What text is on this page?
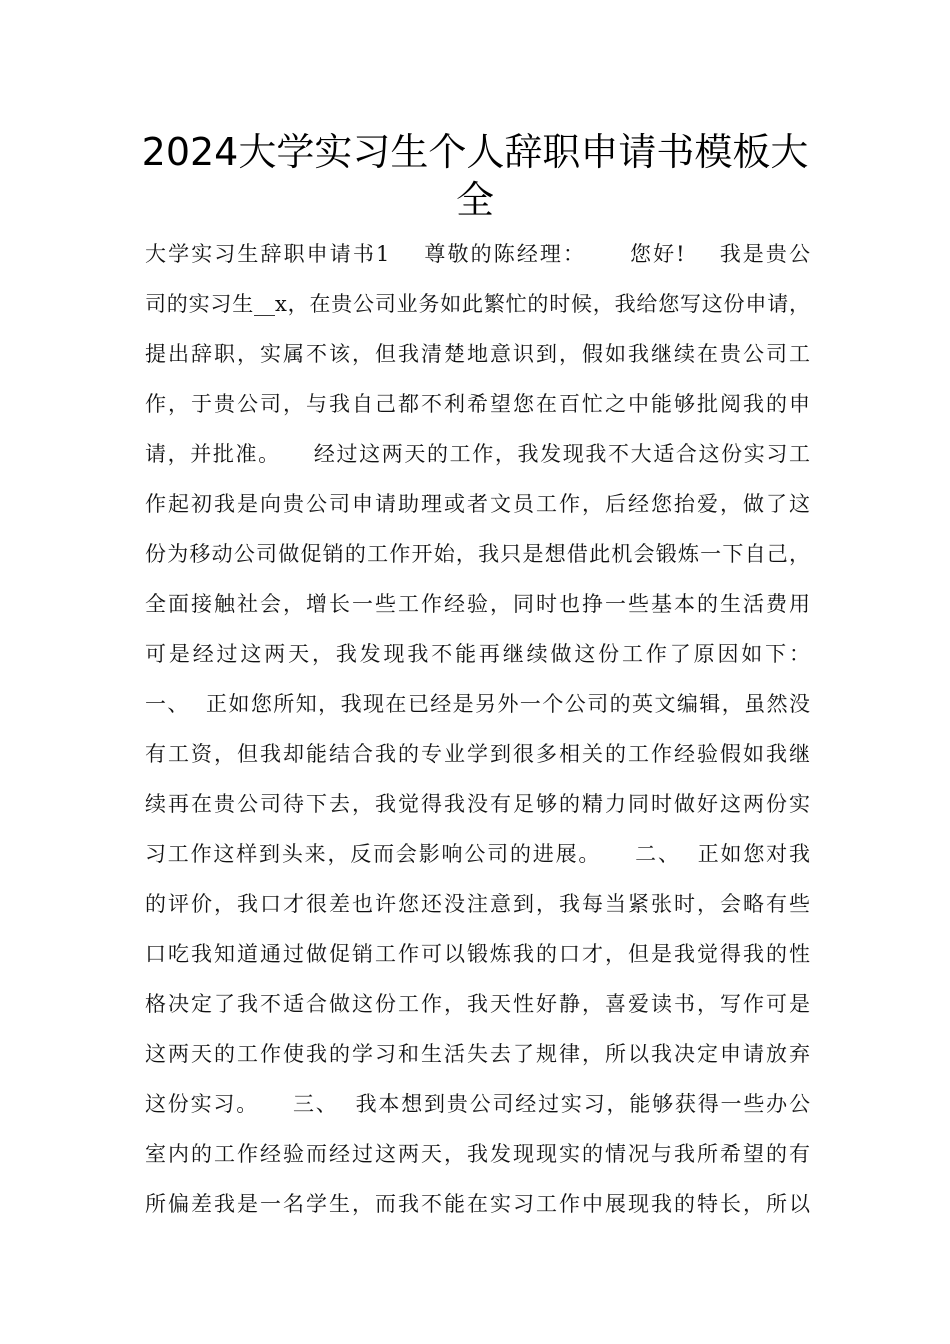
2024大学实习生个人辞职申请书模板大全
大学实习生辞职申请书1    尊敬的陈经理：     您好!    我是贵公
司的实习生__x，在贵公司业务如此繁忙的时候，我给您写这份申请，
提出辞职，实属不该，但我清楚地意识到，假如我继续在贵公司工
作，于贵公司，与我自己都不利希望您在百忙之中能够批阅我的申
请，并批准。    经过这两天的工作，我发现我不大适合这份实习工
作起初我是向贵公司申请助理或者文员工作，后经您抬爱，做了这
份为移动公司做促销的工作开始，我只是想借此机会锻炼一下自己，
全面接触社会，增长一些工作经验，同时也挣一些基本的生活费用
可是经过这两天，我发现我不能再继续做这份工作了原因如下：
一、  正如您所知，我现在已经是另外一个公司的英文编辑，虽然没
有工资，但我却能结合我的专业学到很多相关的工作经验假如我继
续再在贵公司待下去，我觉得我没有足够的精力同时做好这两份实
习工作这样到头来，反而会影响公司的进展。    二、  正如您对我
的评价，我口才很差也许您还没注意到，我每当紧张时，会略有些
口吃我知道通过做促销工作可以锻炼我的口才，但是我觉得我的性
格决定了我不适合做这份工作，我天性好静，喜爱读书，写作可是
这两天的工作使我的学习和生活失去了规律，所以我决定申请放弃
这份实习。    三、  我本想到贵公司经过实习，能够获得一些办公
室内的工作经验而经过这两天，我发现现实的情况与我所希望的有
所偏差我是一名学生，而我不能在实习工作中展现我的特长，所以
